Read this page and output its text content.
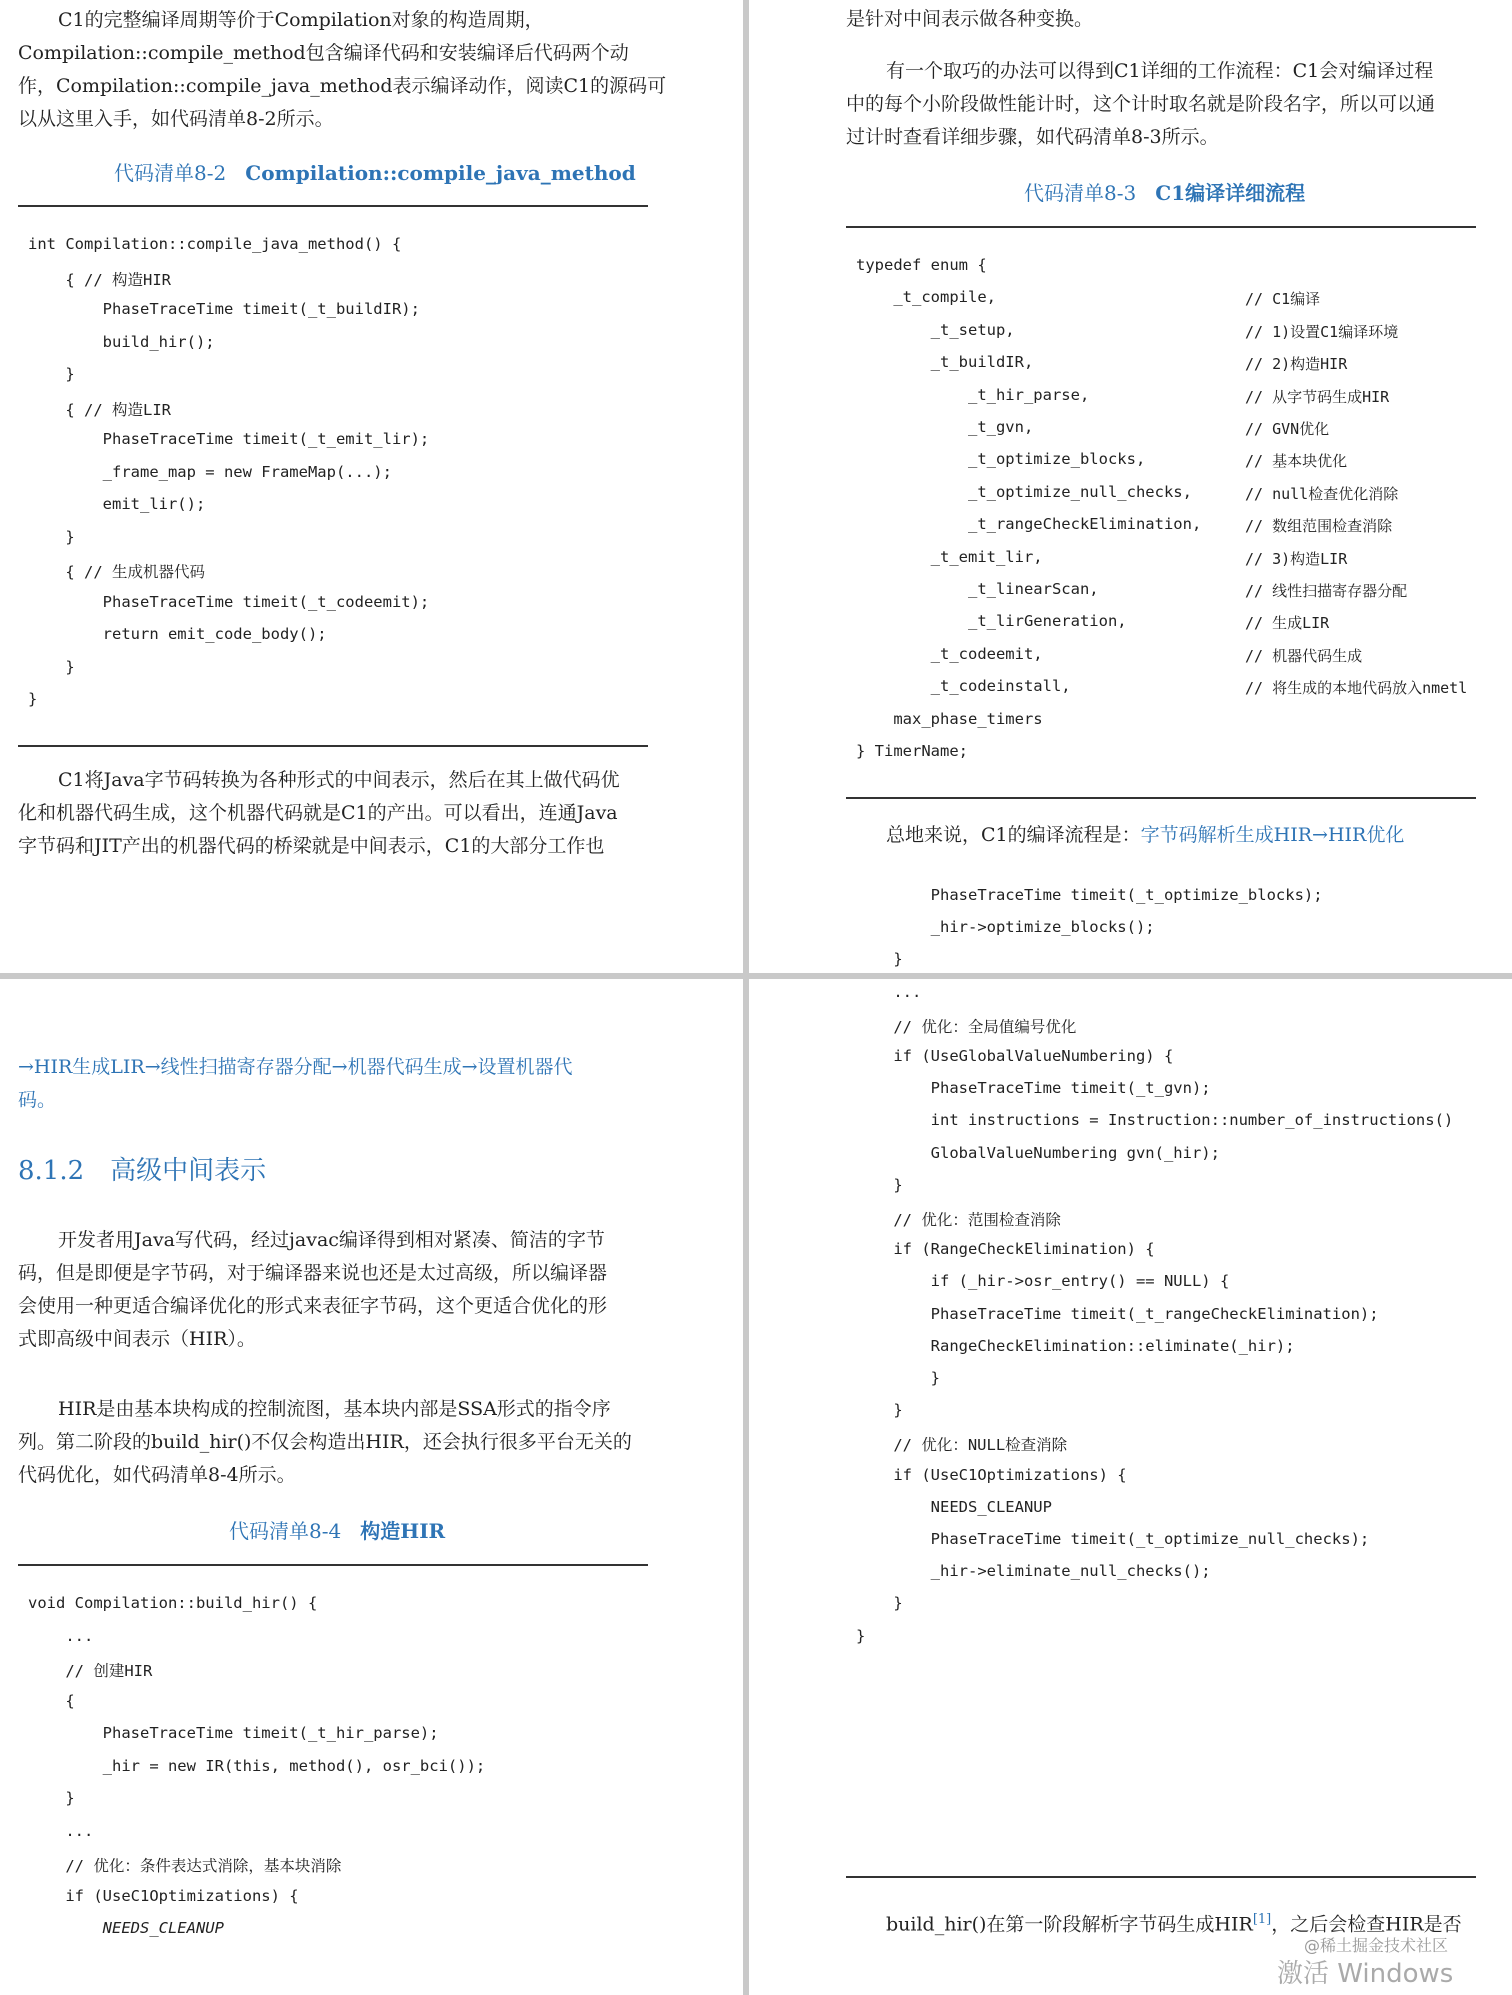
C1的完整编译周期等价于Compilation对象的构造周期，
Compilation::compile_method包含编译代码和安装编译后代码两个动
作，Compilation::compile_java_method表示编译动作，阅读C1的源码可
以从这里入手，如代码清单8-2所示。
代码清单8-2 Compilation::compile_java_method
int Compilation::compile_java_method() {
{ // 构造HIR
PhaseTraceTime timeit(_t_buildIR);
build_hir();
}
{ // 构造LIR
PhaseTraceTime timeit(_t_emit_lir);
_frame_map = new FrameMap(...);
emit_lir();
}
{ // 生成机器代码
PhaseTraceTime timeit(_t_codeemit);
return emit_code_body();
}
}
C1将Java字节码转换为各种形式的中间表示，然后在其上做代码优
化和机器代码生成，这个机器代码就是C1的产出。可以看出，连通Java
字节码和JIT产出的机器代码的桥梁就是中间表示，C1的大部分工作也
是针对中间表示做各种变换。
有一个取巧的办法可以得到C1详细的工作流程：C1会对编译过程
中的每个小阶段做性能计时，这个计时取名就是阶段名字，所以可以通
过计时查看详细步骤，如代码清单8-3所示。
代码清单8-3 C1编译详细流程
typedef enum {
_t_compile,	// C1编译
_t_setup,	// 1)设置C1编译环境
_t_buildIR,	// 2)构造HIR
_t_hir_parse,	// 从字节码生成HIR
_t_gvn,	// GVN优化
_t_optimize_blocks,	// 基本块优化
_t_optimize_null_checks,	// null检查优化消除
_t_rangeCheckElimination,	// 数组范围检查消除
_t_emit_lir,	// 3)构造LIR
_t_linearScan,	// 线性扫描寄存器分配
_t_lirGeneration,	// 生成LIR
_t_codeemit,	// 机器代码生成
_t_codeinstall,	// 将生成的本地代码放入nmetl
max_phase_timers
} TimerName;
总地来说，C1的编译流程是：字节码解析生成HIR→HIR优化
→HIR生成LIR→线性扫描寄存器分配→机器代码生成→设置机器代
码。
8.1.2 高级中间表示
开发者用Java写代码，经过javac编译得到相对紧凑、简洁的字节
码，但是即便是字节码，对于编译器来说也还是太过高级，所以编译器
会使用一种更适合编译优化的形式来表征字节码，这个更适合优化的形
式即高级中间表示（HIR）。
HIR是由基本块构成的控制流图，基本块内部是SSA形式的指令序
列。第二阶段的build_hir()不仅会构造出HIR，还会执行很多平台无关的
代码优化，如代码清单8-4所示。
代码清单8-4 构造HIR
void Compilation::build_hir() {
...
// 创建HIR
{
PhaseTraceTime timeit(_t_hir_parse);
_hir = new IR(this, method(), osr_bci());
}
...
// 优化：条件表达式消除，基本块消除
if (UseC1Optimizations) {
NEEDS_CLEANUP
PhaseTraceTime timeit(_t_optimize_blocks);
_hir->optimize_blocks();
}
...
// 优化：全局值编号优化
if (UseGlobalValueNumbering) {
PhaseTraceTime timeit(_t_gvn);
int instructions = Instruction::number_of_instructions()
GlobalValueNumbering gvn(_hir);
}
// 优化：范围检查消除
if (RangeCheckElimination) {
if (_hir->osr_entry() == NULL) {
PhaseTraceTime timeit(_t_rangeCheckElimination);
RangeCheckElimination::eliminate(_hir);
}
}
// 优化：NULL检查消除
if (UseC1Optimizations) {
NEEDS_CLEANUP
PhaseTraceTime timeit(_t_optimize_null_checks);
_hir->eliminate_null_checks();
}
}
build_hir()在第一阶段解析字节码生成HIR[1]，之后会检查HIR是否
@稀土掘金技术社区
激活 Windows
